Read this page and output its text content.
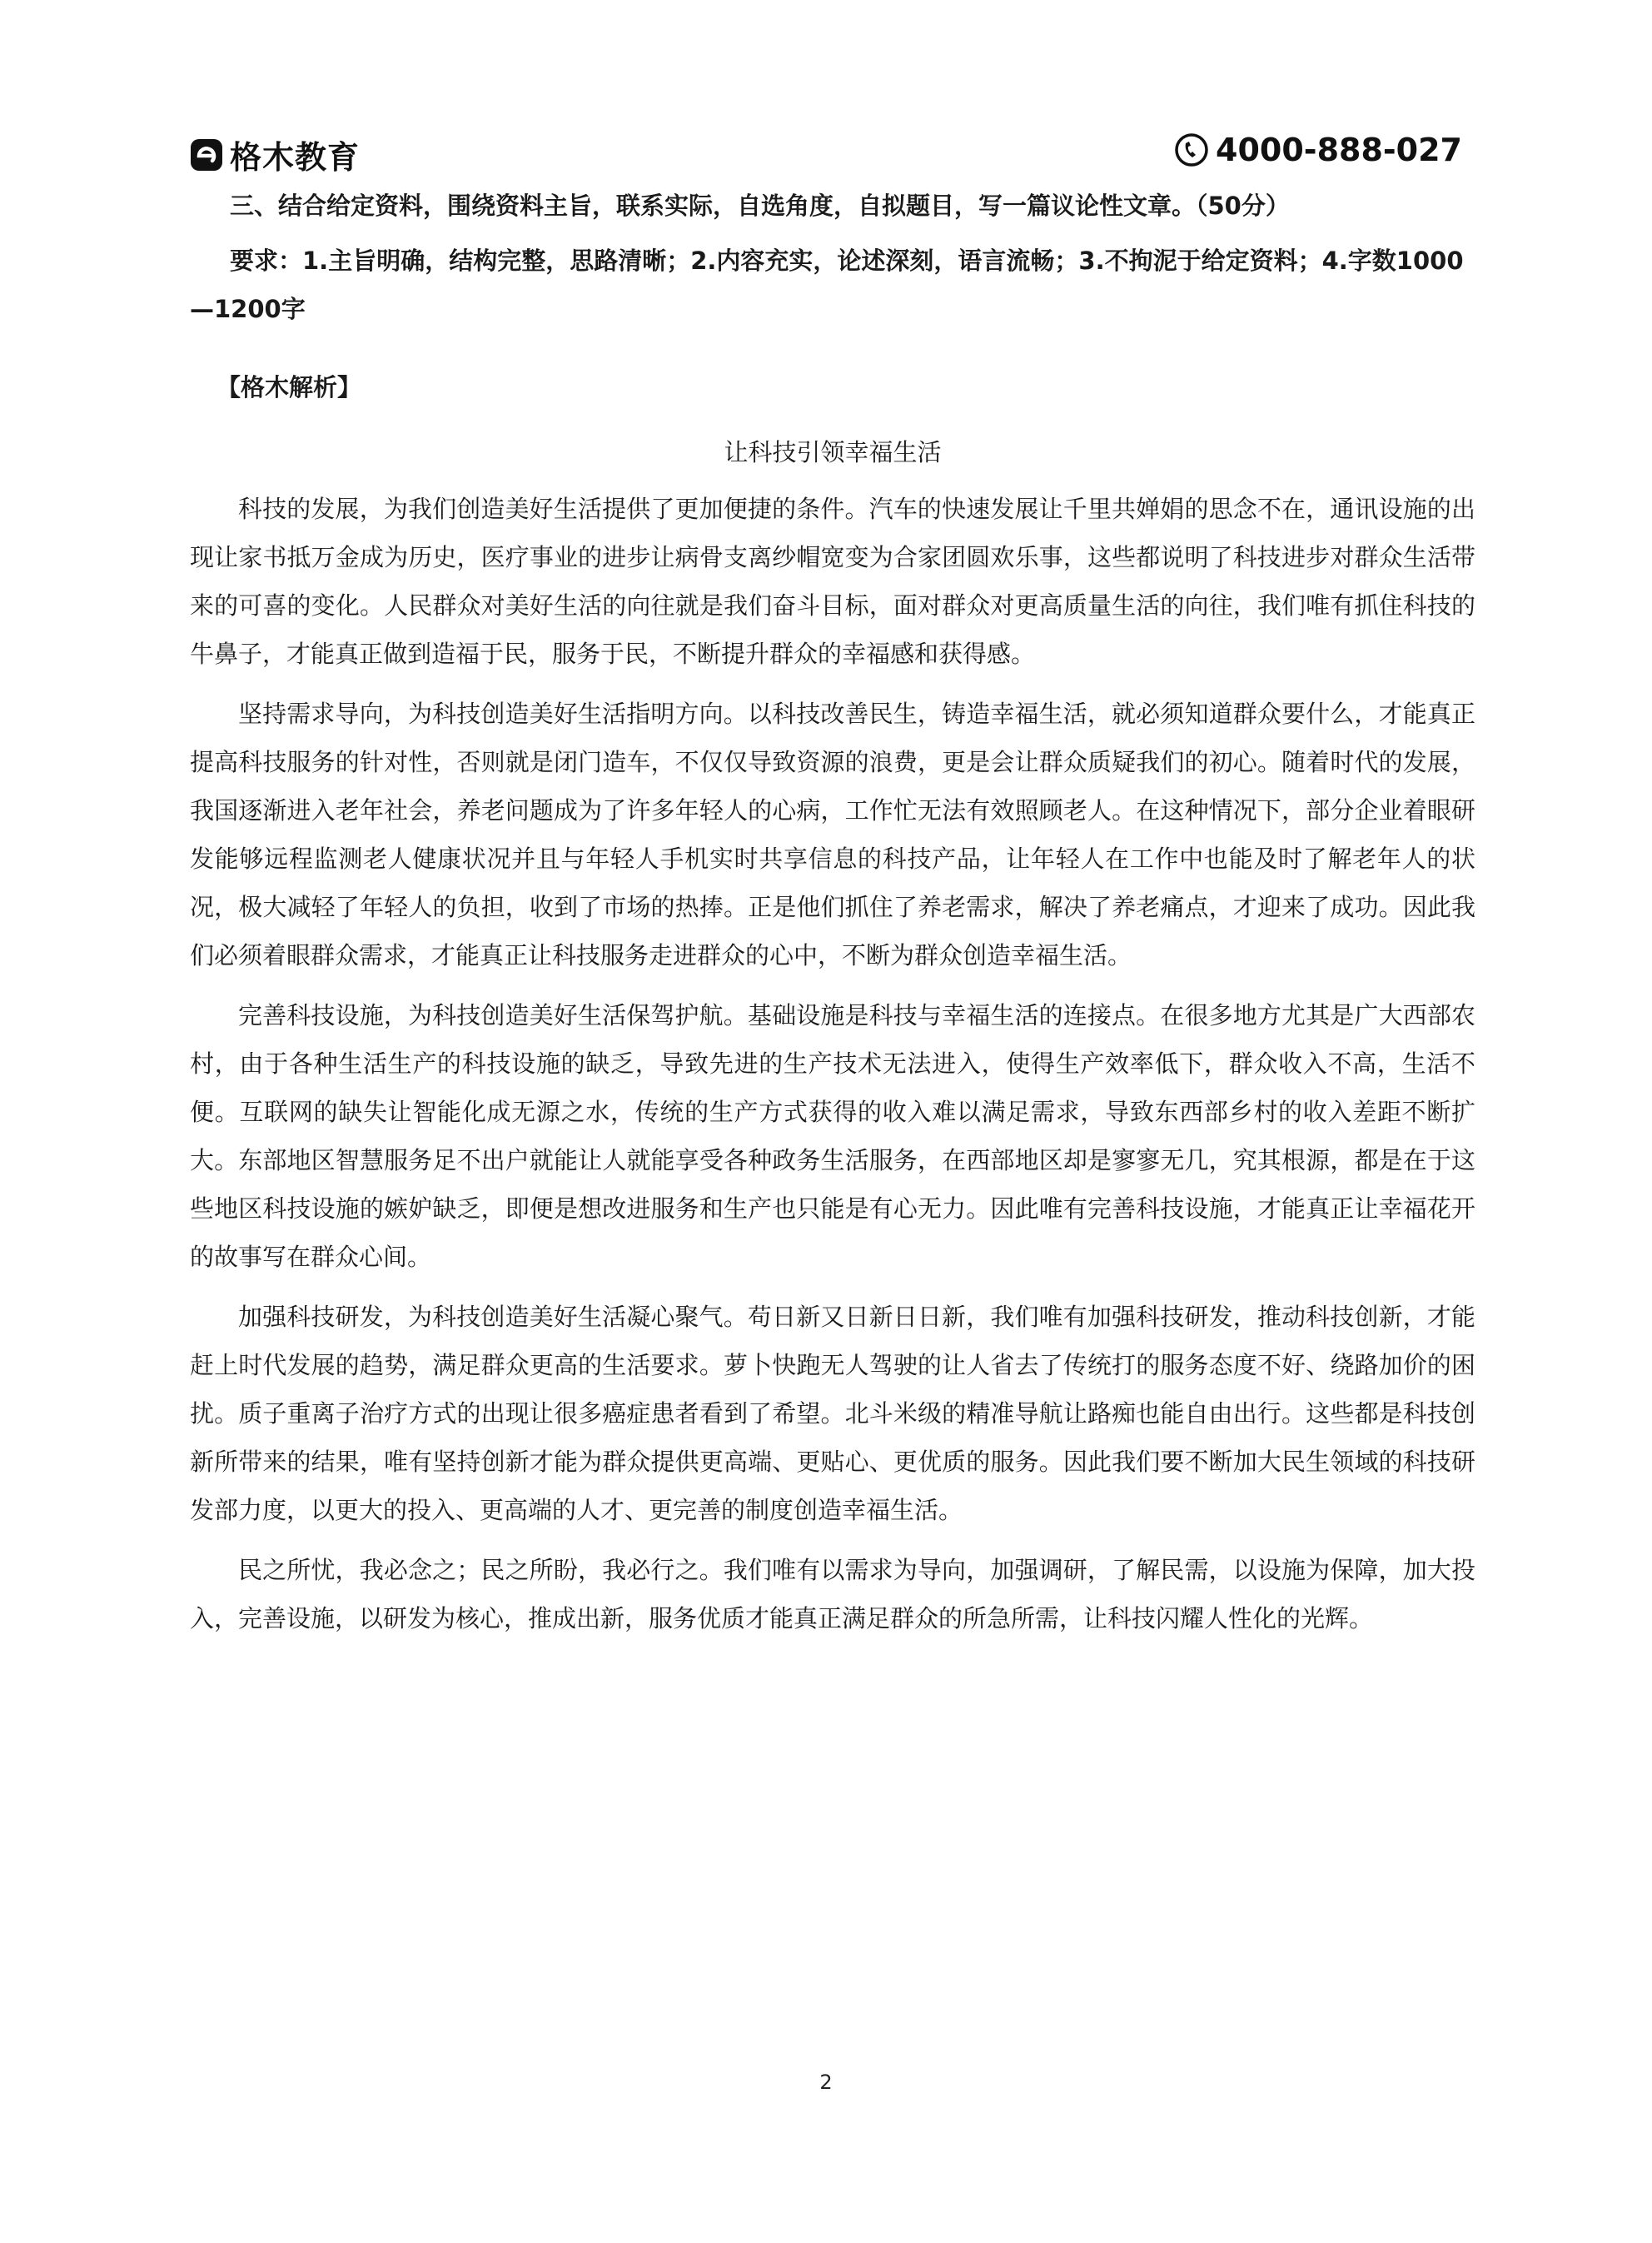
格木教育	4000-888-027

三、结合给定资料，围绕资料主旨，联系实际，自选角度，自拟题目，写一篇议论性文章。（50分）

要求：1.主旨明确，结构完整，思路清晰；2.内容充实，论述深刻，语言流畅；3.不拘泥于给定资料；4.字数1000—1200字

【格木解析】

让科技引领幸福生活

科技的发展，为我们创造美好生活提供了更加便捷的条件。汽车的快速发展让千里共婵娟的思念不在，通讯设施的出现让家书抵万金成为历史，医疗事业的进步让病骨支离纱帽宽变为合家团圆欢乐事，这些都说明了科技进步对群众生活带来的可喜的变化。人民群众对美好生活的向往就是我们奋斗目标，面对群众对更高质量生活的向往，我们唯有抓住科技的牛鼻子，才能真正做到造福于民，服务于民，不断提升群众的幸福感和获得感。

坚持需求导向，为科技创造美好生活指明方向。以科技改善民生，铸造幸福生活，就必须知道群众要什么，才能真正提高科技服务的针对性，否则就是闭门造车，不仅仅导致资源的浪费，更是会让群众质疑我们的初心。随着时代的发展，我国逐渐进入老年社会，养老问题成为了许多年轻人的心病，工作忙无法有效照顾老人。在这种情况下，部分企业着眼研发能够远程监测老人健康状况并且与年轻人手机实时共享信息的科技产品，让年轻人在工作中也能及时了解老年人的状况，极大减轻了年轻人的负担，收到了市场的热捧。正是他们抓住了养老需求，解决了养老痛点，才迎来了成功。因此我们必须着眼群众需求，才能真正让科技服务走进群众的心中，不断为群众创造幸福生活。

完善科技设施，为科技创造美好生活保驾护航。基础设施是科技与幸福生活的连接点。在很多地方尤其是广大西部农村，由于各种生活生产的科技设施的缺乏，导致先进的生产技术无法进入，使得生产效率低下，群众收入不高，生活不便。互联网的缺失让智能化成无源之水，传统的生产方式获得的收入难以满足需求，导致东西部乡村的收入差距不断扩大。东部地区智慧服务足不出户就能让人就能享受各种政务生活服务，在西部地区却是寥寥无几，究其根源，都是在于这些地区科技设施的嫉妒缺乏，即便是想改进服务和生产也只能是有心无力。因此唯有完善科技设施，才能真正让幸福花开的故事写在群众心间。

加强科技研发，为科技创造美好生活凝心聚气。苟日新又日新日日新，我们唯有加强科技研发，推动科技创新，才能赶上时代发展的趋势，满足群众更高的生活要求。萝卜快跑无人驾驶的让人省去了传统打的服务态度不好、绕路加价的困扰。质子重离子治疗方式的出现让很多癌症患者看到了希望。北斗米级的精准导航让路痴也能自由出行。这些都是科技创新所带来的结果，唯有坚持创新才能为群众提供更高端、更贴心、更优质的服务。因此我们要不断加大民生领域的科技研发部力度，以更大的投入、更高端的人才、更完善的制度创造幸福生活。

民之所忧，我必念之；民之所盼，我必行之。我们唯有以需求为导向，加强调研，了解民需，以设施为保障，加大投入，完善设施，以研发为核心，推成出新，服务优质才能真正满足群众的所急所需，让科技闪耀人性化的光辉。

2
